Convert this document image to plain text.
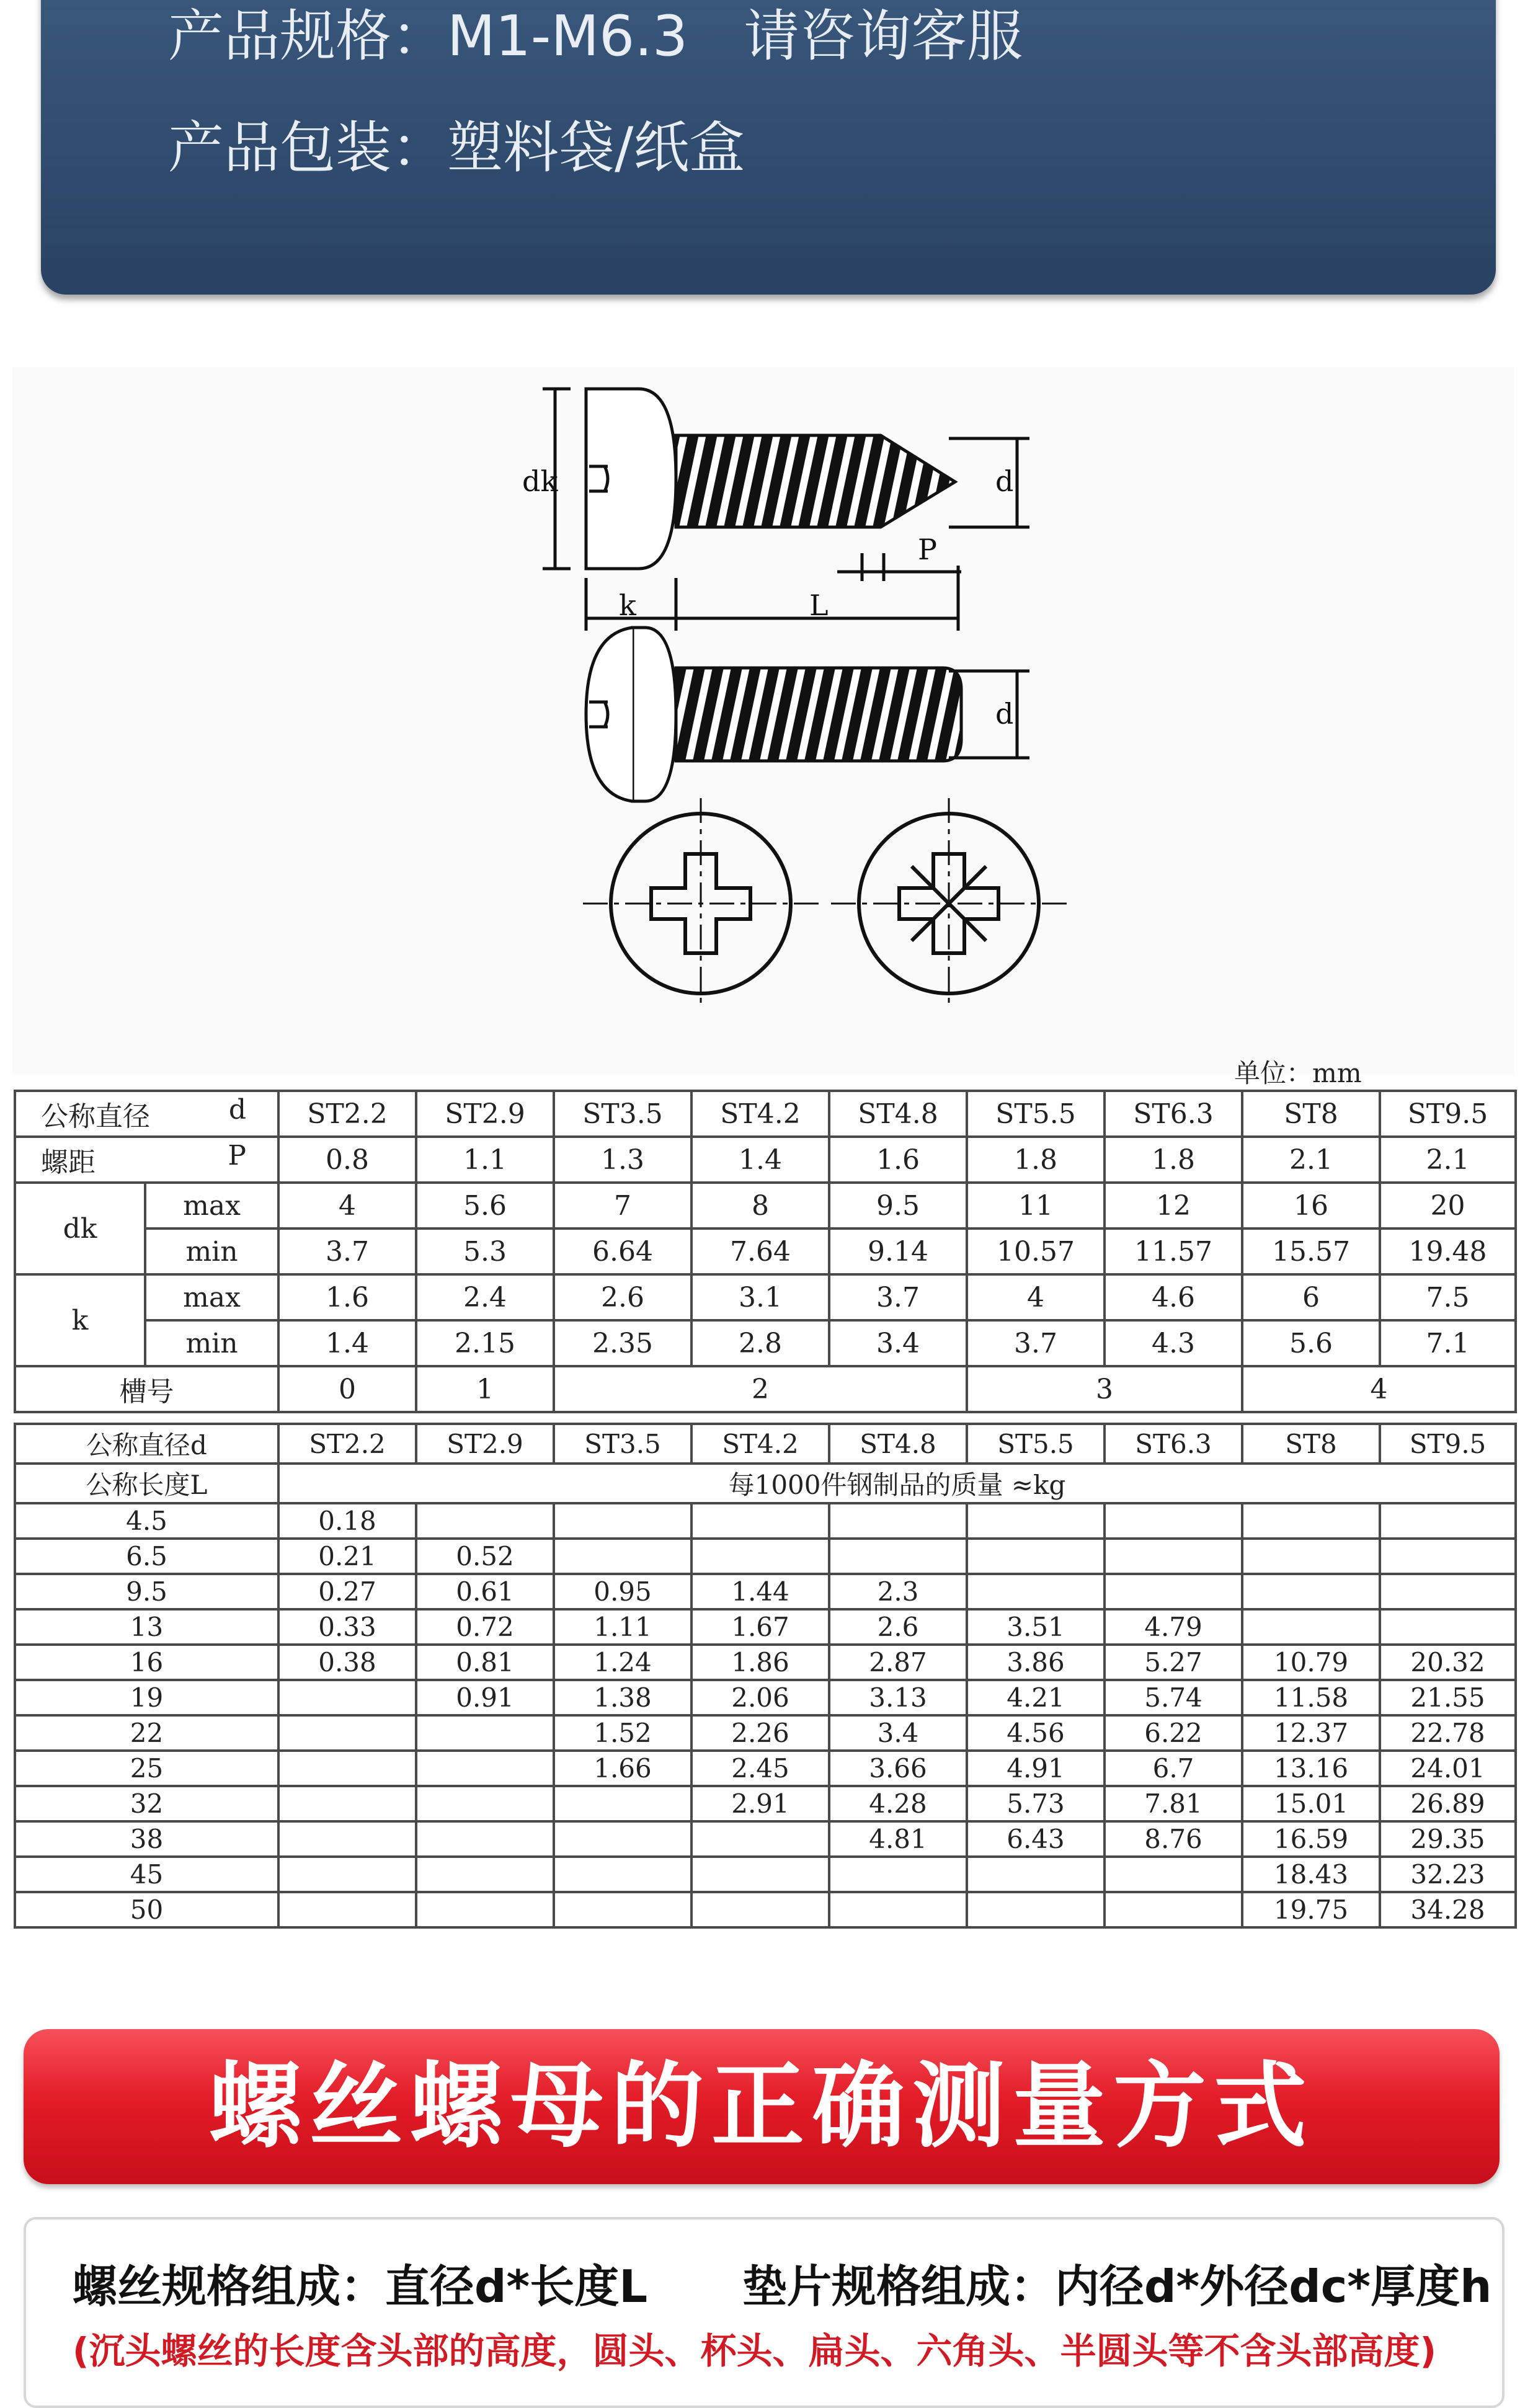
产品规格：M1-M6.3 请咨询客服
产品包装：塑料袋/纸盒
dk	d
P
k	L
d
单位：mm
公称直径 d		ST2.2	ST2.9	ST3.5	ST4.2	ST4.8	ST5.5	ST6.3	ST8	ST9.5
螺距 P		0.8	1.1	1.3	1.4	1.6	1.8	1.8	2.1	2.1
dk	max	4	5.6	7	8	9.5	11	12	16	20
	min	3.7	5.3	6.64	7.64	9.14	10.57	11.57	15.57	19.48
k	max	1.6	2.4	2.6	3.1	3.7	4	4.6	6	7.5
	min	1.4	2.15	2.35	2.8	3.4	3.7	4.3	5.6	7.1
槽号		0	1	2			3		4	
公称直径d	ST2.2	ST2.9	ST3.5	ST4.2	ST4.8	ST5.5	ST6.3	ST8	ST9.5
公称长度L	每1000件钢制品的质量 ≈kg								
4.5	0.18								
6.5	0.21	0.52							
9.5	0.27	0.61	0.95	1.44	2.3				
13	0.33	0.72	1.11	1.67	2.6	3.51	4.79		
16	0.38	0.81	1.24	1.86	2.87	3.86	5.27	10.79	20.32
19		0.91	1.38	2.06	3.13	4.21	5.74	11.58	21.55
22			1.52	2.26	3.4	4.56	6.22	12.37	22.78
25			1.66	2.45	3.66	4.91	6.7	13.16	24.01
32				2.91	4.28	5.73	7.81	15.01	26.89
38					4.81	6.43	8.76	16.59	29.35
45								18.43	32.23
50								19.75	34.28
螺丝螺母的正确测量方式
螺丝规格组成：直径d*长度L 垫片规格组成：内径d*外径dc*厚度h
(沉头螺丝的长度含头部的高度，圆头、杯头、扁头、六角头、半圆头等不含头部高度)
